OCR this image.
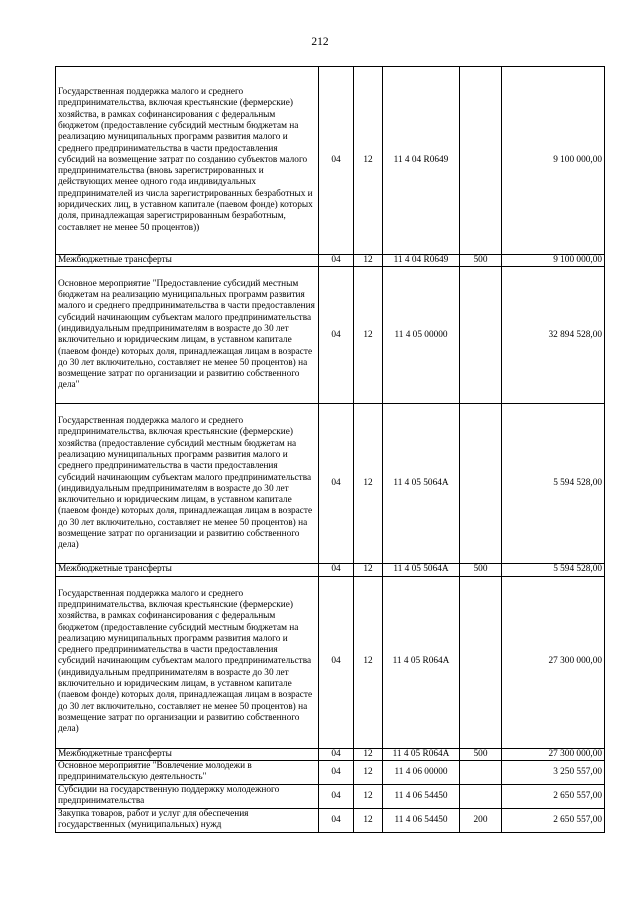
212
Государственная поддержка малого и среднего предпринимательства, включая крестьянские (фермерские) хозяйства, в рамках софинансирования с федеральным бюджетом (предоставление субсидий местным бюджетам на реализацию муниципальных программ развития малого и среднего предпринимательства в части предоставления субсидий на возмещение затрат по созданию субъектов малого предпринимательства (вновь зарегистрированных и действующих менее одного года индивидуальных предпринимателей из числа зарегистрированных безработных и юридических лиц, в уставном капитале (паевом фонде) которых доля, принадлежащая зарегистрированным безработным, составляет не менее 50 процентов))	04	12	11 4 04 R0649		9 100 000,00
Межбюджетные трансферты	04	12	11 4 04 R0649	500	9 100 000,00
Основное мероприятие "Предоставление субсидий местным бюджетам на реализацию муниципальных программ развития малого и среднего предпринимательства в части предоставления субсидий начинающим субъектам малого предпринимательства (индивидуальным предпринимателям в возрасте до 30 лет включительно и юридическим лицам, в уставном капитале (паевом фонде) которых доля, принадлежащая лицам в возрасте до 30 лет включительно, составляет не менее 50 процентов) на возмещение затрат по организации и развитию собственного дела"	04	12	11 4 05 00000		32 894 528,00
Государственная поддержка малого и среднего предпринимательства, включая крестьянские (фермерские) хозяйства (предоставление субсидий местным бюджетам на реализацию муниципальных программ развития малого и среднего предпринимательства в части предоставления субсидий начинающим субъектам малого предпринимательства (индивидуальным предпринимателям в возрасте до 30 лет включительно и юридическим лицам, в уставном капитале (паевом фонде) которых доля, принадлежащая лицам в возрасте до 30 лет включительно, составляет не менее 50 процентов) на возмещение затрат по организации и развитию собственного дела)	04	12	11 4 05 5064A		5 594 528,00
Межбюджетные трансферты	04	12	11 4 05 5064A	500	5 594 528,00
Государственная поддержка малого и среднего предпринимательства, включая крестьянские (фермерские) хозяйства, в рамках софинансирования с федеральным бюджетом (предоставление субсидий местным бюджетам на реализацию муниципальных программ развития малого и среднего предпринимательства в части предоставления субсидий начинающим субъектам малого предпринимательства (индивидуальным предпринимателям в возрасте до 30 лет включительно и юридическим лицам, в уставном капитале (паевом фонде) которых доля, принадлежащая лицам в возрасте до 30 лет включительно, составляет не менее 50 процентов) на возмещение затрат по организации и развитию собственного дела)	04	12	11 4 05 R064A		27 300 000,00
Межбюджетные трансферты	04	12	11 4 05 R064A	500	27 300 000,00
Основное мероприятие "Вовлечение молодежи в предпринимательскую деятельность"	04	12	11 4 06 00000		3 250 557,00
Субсидии на государственную поддержку молодежного предпринимательства	04	12	11 4 06 54450		2 650 557,00
Закупка товаров, работ и услуг для обеспечения государственных (муниципальных) нужд	04	12	11 4 06 54450	200	2 650 557,00
